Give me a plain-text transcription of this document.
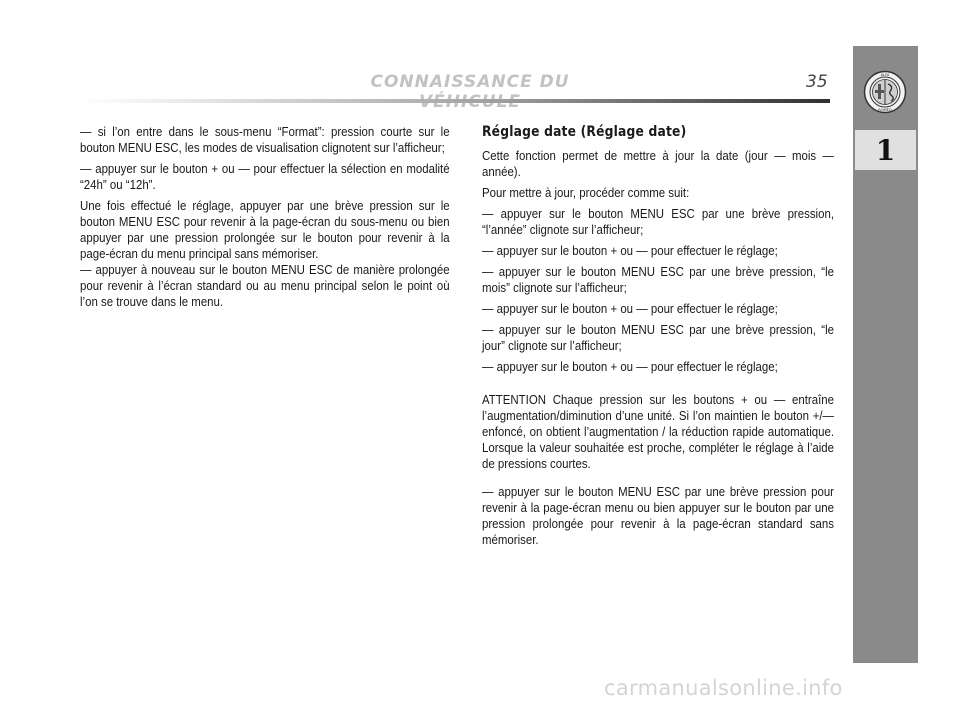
CONNAISSANCE DU	35	ALFA
ROMEO
1

— si l’on entre dans le sous-menu “Format”: pression courte sur le bouton MENU ESC, les modes de visualisation clignotent sur l’afficheur;

— appuyer sur le bouton + ou — pour effectuer la sélection en modalité “24h” ou “12h”.

Une fois effectué le réglage, appuyer par une brève pression sur le bouton MENU ESC pour revenir à la page-écran du sous-menu ou bien appuyer par une pression prolongée sur le bouton pour revenir à la page-écran du menu principal sans mémoriser.

— appuyer à nouveau sur le bouton MENU ESC de manière prolongée pour revenir à l’écran standard ou au menu principal selon le point où l’on se trouve dans le menu.

Réglage date (Réglage date)

Cette fonction permet de mettre à jour la date (jour — mois — année).

Pour mettre à jour, procéder comme suit:

— appuyer sur le bouton MENU ESC par une brève pression, “l’année” clignote sur l’afficheur;

— appuyer sur le bouton + ou — pour effectuer le réglage;

— appuyer sur le bouton MENU ESC par une brève pression, “le mois” clignote sur l’afficheur;

— appuyer sur le bouton + ou — pour effectuer le réglage;

— appuyer sur le bouton MENU ESC par une brève pression, “le jour” clignote sur l’afficheur;

— appuyer sur le bouton + ou — pour effectuer le réglage;

ATTENTION Chaque pression sur les boutons + ou — entraîne l’augmentation/diminution d’une unité. Si l’on maintien le bouton +/— enfoncé, on obtient l’augmentation / la réduction rapide automatique. Lorsque la valeur souhaitée est proche, compléter le réglage à l’aide de pressions courtes.

— appuyer sur le bouton MENU ESC par une brève pression pour revenir à la page-écran menu ou bien appuyer sur le bouton par une pression prolongée pour revenir à la page-écran standard sans mémoriser.

carmanualsonline.info
